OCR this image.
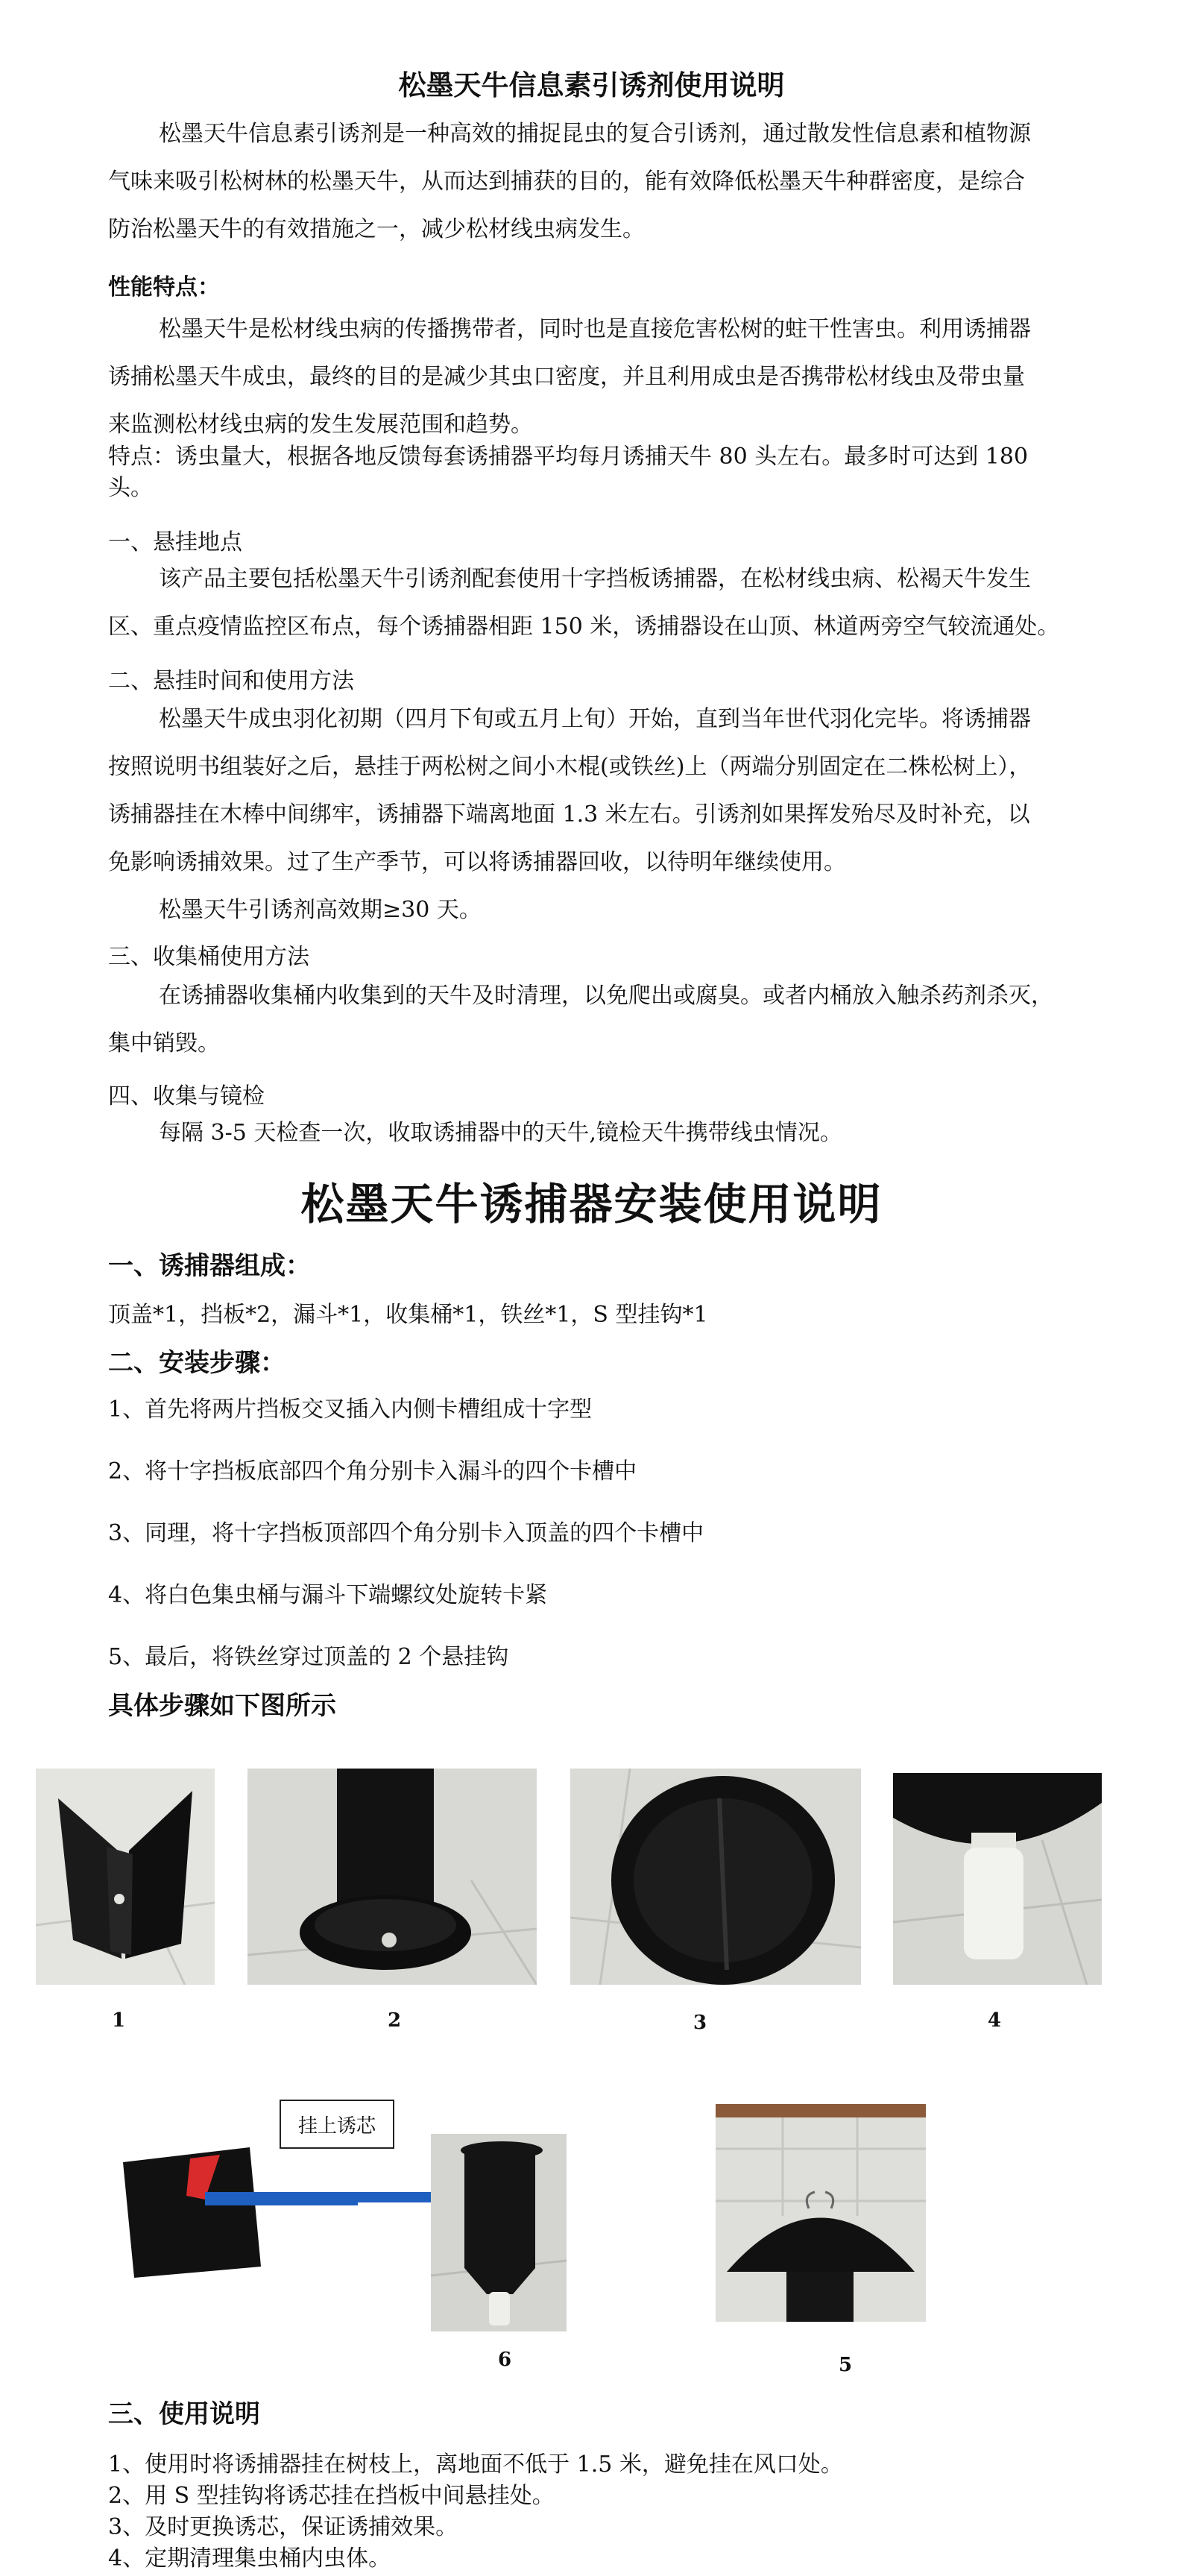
松墨天牛信息素引诱剂使用说明
松墨天牛信息素引诱剂是一种高效的捕捉昆虫的复合引诱剂，通过散发性信息素和植物源
气味来吸引松树林的松墨天牛，从而达到捕获的目的，能有效降低松墨天牛种群密度，是综合
防治松墨天牛的有效措施之一，减少松材线虫病发生。
性能特点：
松墨天牛是松材线虫病的传播携带者，同时也是直接危害松树的蛀干性害虫。利用诱捕器
诱捕松墨天牛成虫，最终的目的是减少其虫口密度，并且利用成虫是否携带松材线虫及带虫量
来监测松材线虫病的发生发展范围和趋势。
特点：诱虫量大，根据各地反馈每套诱捕器平均每月诱捕天牛 80 头左右。最多时可达到 180
头。
一、悬挂地点
该产品主要包括松墨天牛引诱剂配套使用十字挡板诱捕器，在松材线虫病、松褐天牛发生
区、重点疫情监控区布点，每个诱捕器相距 150 米，诱捕器设在山顶、林道两旁空气较流通处。
二、悬挂时间和使用方法
松墨天牛成虫羽化初期（四月下旬或五月上旬）开始，直到当年世代羽化完毕。将诱捕器
按照说明书组装好之后，悬挂于两松树之间小木棍(或铁丝)上（两端分别固定在二株松树上），
诱捕器挂在木棒中间绑牢，诱捕器下端离地面 1.3 米左右。引诱剂如果挥发殆尽及时补充，以
免影响诱捕效果。过了生产季节，可以将诱捕器回收，以待明年继续使用。
松墨天牛引诱剂高效期≥30 天。
三、收集桶使用方法
在诱捕器收集桶内收集到的天牛及时清理，以免爬出或腐臭。或者内桶放入触杀药剂杀灭，
集中销毁。
四、收集与镜检
每隔 3-5 天检查一次，收取诱捕器中的天牛,镜检天牛携带线虫情况。
松墨天牛诱捕器安装使用说明
一、诱捕器组成：
顶盖*1，挡板*2，漏斗*1，收集桶*1，铁丝*1，S 型挂钩*1
二、安装步骤：
1、首先将两片挡板交叉插入内侧卡槽组成十字型
2、将十字挡板底部四个角分别卡入漏斗的四个卡槽中
3、同理，将十字挡板顶部四个角分别卡入顶盖的四个卡槽中
4、将白色集虫桶与漏斗下端螺纹处旋转卡紧
5、最后，将铁丝穿过顶盖的 2 个悬挂钩
具体步骤如下图所示
1	2	3	4
挂上诱芯
6	5
三、使用说明
1、使用时将诱捕器挂在树枝上，离地面不低于 1.5 米，避免挂在风口处。
2、用 S 型挂钩将诱芯挂在挡板中间悬挂处。
3、及时更换诱芯，保证诱捕效果。
4、定期清理集虫桶内虫体。
